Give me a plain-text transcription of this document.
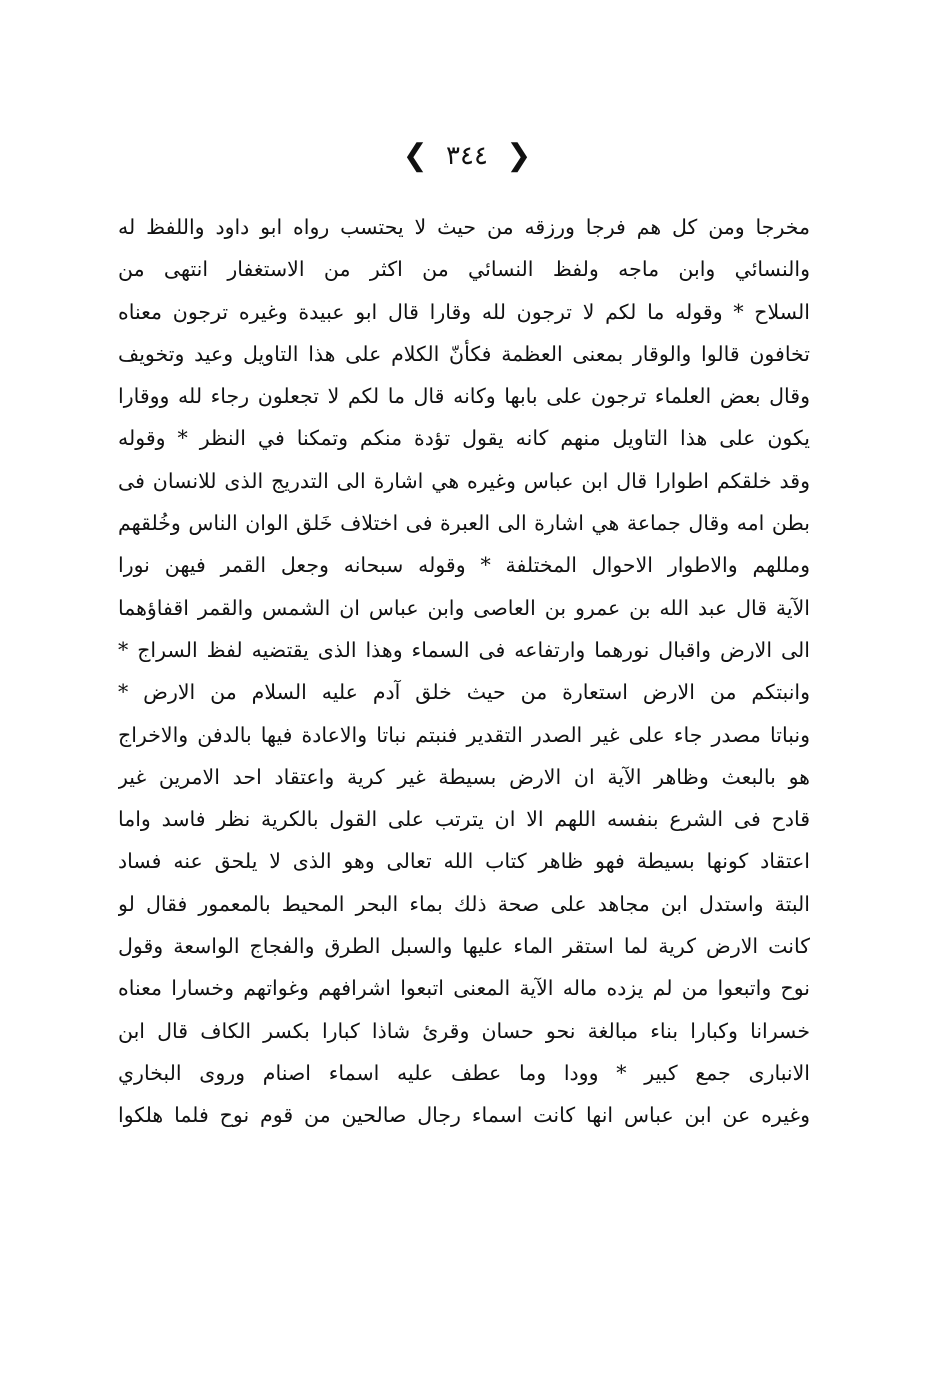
❮ ٣٤٤ ❯
مخرجا ومن كل هم فرجا ورزقه من حيث لا يحتسب رواه ابو داود واللفظ له
والنسائي وابن ماجه ولفظ النسائي من اكثر من الاستغفار انتهى من
السلاح * وقوله ما لكم لا ترجون لله وقارا قال ابو عبيدة وغيره ترجون معناه
تخافون قالوا والوقار بمعنى العظمة فكأنّ الكلام على هذا التاويل وعيد وتخويف
وقال بعض العلماء ترجون على بابها وكانه قال ما لكم لا تجعلون رجاء لله ووقارا
يكون على هذا التاويل منهم كانه يقول تؤدة منكم وتمكنا في النظر * وقوله
وقد خلقكم اطوارا قال ابن عباس وغيره هي اشارة الى التدريج الذى للانسان فى
بطن امه وقال جماعة هي اشارة الى العبرة فى اختلاف خَلق الوان الناس وخُلقهم
ومللهم والاطوار الاحوال المختلفة * وقوله سبحانه وجعل القمر فيهن نورا
الآية قال عبد الله بن عمرو بن العاصى وابن عباس ان الشمس والقمر اقفاؤهما
الى الارض واقبال نورهما وارتفاعه فى السماء وهذا الذى يقتضيه لفظ السراج *
وانبتكم من الارض استعارة من حيث خلق آدم عليه السلام من الارض *
ونباتا مصدر جاء على غير الصدر التقدير فنبتم نباتا والاعادة فيها بالدفن والاخراج
هو بالبعث وظاهر الآية ان الارض بسيطة غير كرية واعتقاد احد الامرين غير
قادح فى الشرع بنفسه اللهم الا ان يترتب على القول بالكرية نظر فاسد واما
اعتقاد كونها بسيطة فهو ظاهر كتاب الله تعالى وهو الذى لا يلحق عنه فساد
البتة واستدل ابن مجاهد على صحة ذلك بماء البحر المحيط بالمعمور فقال لو
كانت الارض كرية لما استقر الماء عليها والسبل الطرق والفجاج الواسعة وقول
نوح واتبعوا من لم يزده ماله الآية المعنى اتبعوا اشرافهم وغواتهم وخسارا معناه
خسرانا وكبارا بناء مبالغة نحو حسان وقرئ شاذا كبارا بكسر الكاف قال ابن
الانبارى جمع كبير * وودا وما عطف عليه اسماء اصنام وروى البخاري
وغيره عن ابن عباس انها كانت اسماء رجال صالحين من قوم نوح فلما هلكوا
